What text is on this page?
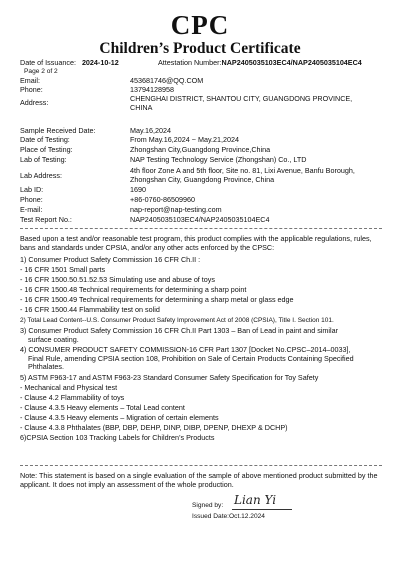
CPC
Children’s Product Certificate
Date of Issuance: 2024-10-12	Attestation Number:NAP2405035103EC4/NAP2405035104EC4
Page 2 of 2
Email:	453681746@QQ.COM
Phone:	13794128958
Address:	CHENGHAI DISTRICT, SHANTOU CITY, GUANGDONG PROVINCE,
CHINA
Sample Received Date:	May.16,2024
Date of Testing:	From May.16,2024 ~ May.21,2024
Place of Testing:	Zhongshan City,Guangdong Province,China
Lab of Testing:	NAP Testing Technology Service (Zhongshan) Co., LTD
Lab Address:
4th floor Zone A and 5th floor, Site no. 81, Lixi Avenue, Banfu Borough,
Zhongshan City, Guangdong Province, China
Lab ID:	1690
Phone:	+86-0760-86509960
E-mail:	nap-report@nap-testing.com
Test Report No.:	NAP2405035103EC4/NAP2405035104EC4
Based upon a test and/or reasonable test program, this product complies with the applicable regulations, rules, bans and standards under CPSIA, and/or any other acts enforced by the CPSC:
1) Consumer Product Safety Commission 16 CFR Ch.II :
- 16 CFR 1501 Small parts
- 16 CFR 1500.50.51.52.53 Simulating use and abuse of toys
- 16 CFR 1500.48 Technical requirements for determining a sharp point
- 16 CFR 1500.49 Technical requirements for determining a sharp metal or glass edge
- 16 CFR 1500.44 Flammability test on solid
2) Total Lead Content--U.S. Consumer Product Safety Improvement Act of 2008 (CPSIA), Title I. Section 101.
3) Consumer Product Safety Commission 16 CFR Ch.II Part 1303 – Ban of Lead in paint and similar
surface coating.
4) CONSUMER PRODUCT SAFETY COMMISSION-16 CFR Part 1307 [Docket No.CPSC–2014–0033],
Final Rule, amending CPSIA section 108, Prohibition on Sale of Certain Products Containing Specified
Phthalates.
5) ASTM F963-17 and ASTM F963-23 Standard Consumer Safety Specification for Toy Safety
- Mechanical and Physical test
- Clause 4.2 Flammability of toys
- Clause 4.3.5 Heavy elements – Total Lead content
- Clause 4.3.5 Heavy elements – Migration of certain elements
- Clause 4.3.8 Phthalates (BBP, DBP, DEHP, DINP, DIBP, DPENP, DHEXP & DCHP)
6)CPSIA Section 103 Tracking Labels for Children’s Products
Note: This statement is based on a single evaluation of the sample of above mentioned product submitted by the applicant. It does not imply an assessment of the whole production.
Signed by: Lian Yi
Issued Date:Oct.12.2024
